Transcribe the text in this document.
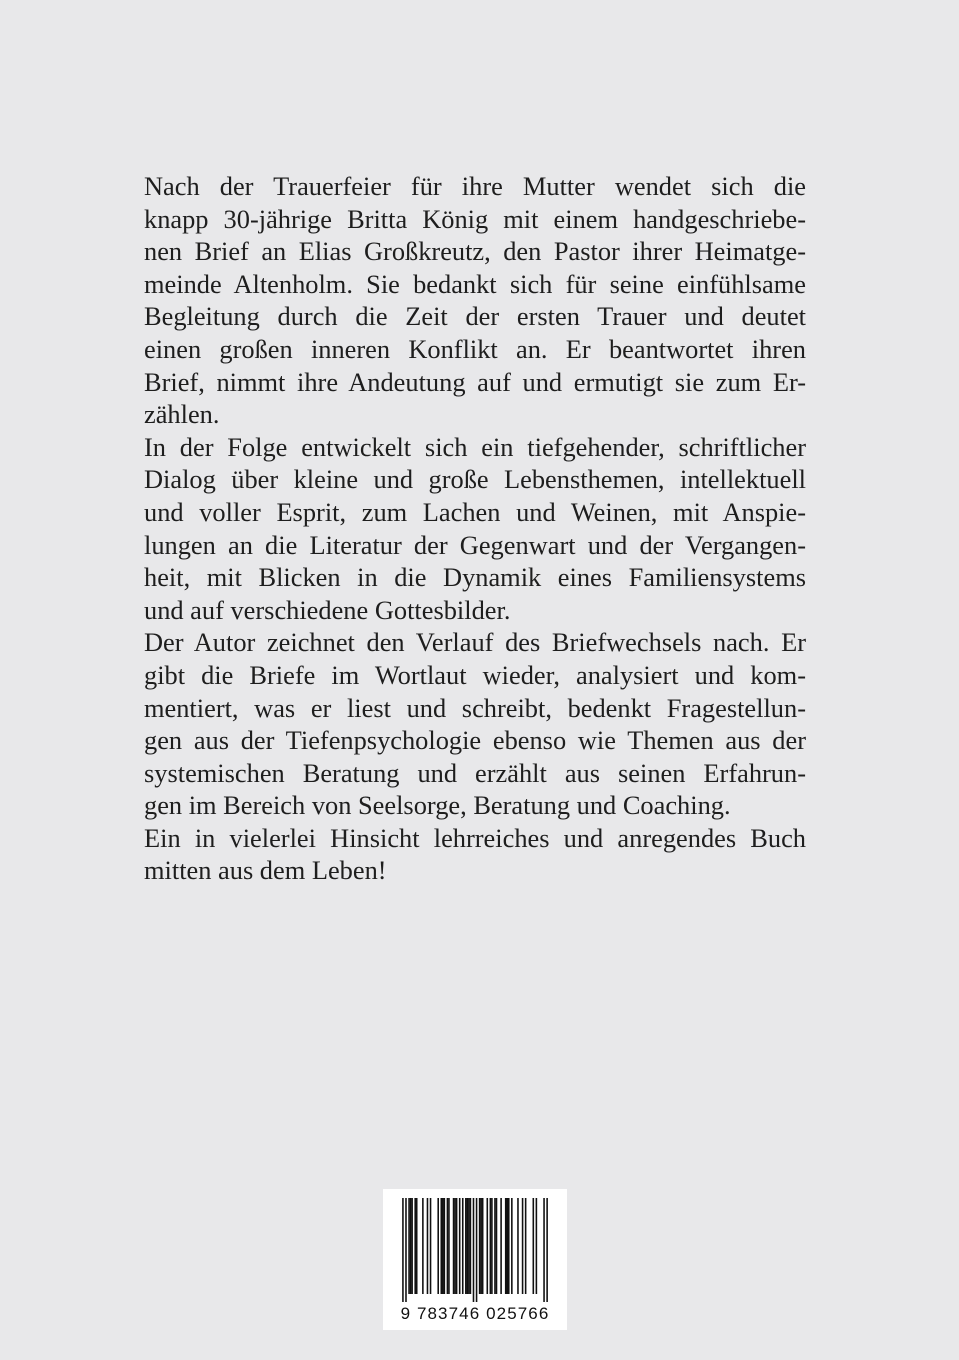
Nach der Trauerfeier für ihre Mutter wendet sich die
knapp 30-jährige Britta König mit einem handgeschriebe-
nen Brief an Elias Großkreutz, den Pastor ihrer Heimatge-
meinde Altenholm. Sie bedankt sich für seine einfühlsame
Begleitung durch die Zeit der ersten Trauer und deutet
einen großen inneren Konflikt an. Er beantwortet ihren
Brief, nimmt ihre Andeutung auf und ermutigt sie zum Er-
zählen.
In der Folge entwickelt sich ein tiefgehender, schriftlicher
Dialog über kleine und große Lebensthemen, intellektuell
und voller Esprit, zum Lachen und Weinen, mit Anspie-
lungen an die Literatur der Gegenwart und der Vergangen-
heit, mit Blicken in die Dynamik eines Familiensystems
und auf verschiedene Gottesbilder.
Der Autor zeichnet den Verlauf des Briefwechsels nach. Er
gibt die Briefe im Wortlaut wieder, analysiert und kom-
mentiert, was er liest und schreibt, bedenkt Fragestellun-
gen aus der Tiefenpsychologie ebenso wie Themen aus der
systemischen Beratung und erzählt aus seinen Erfahrun-
gen im Bereich von Seelsorge, Beratung und Coaching.
Ein in vielerlei Hinsicht lehrreiches und anregendes Buch
mitten aus dem Leben!
9 783746 025766
